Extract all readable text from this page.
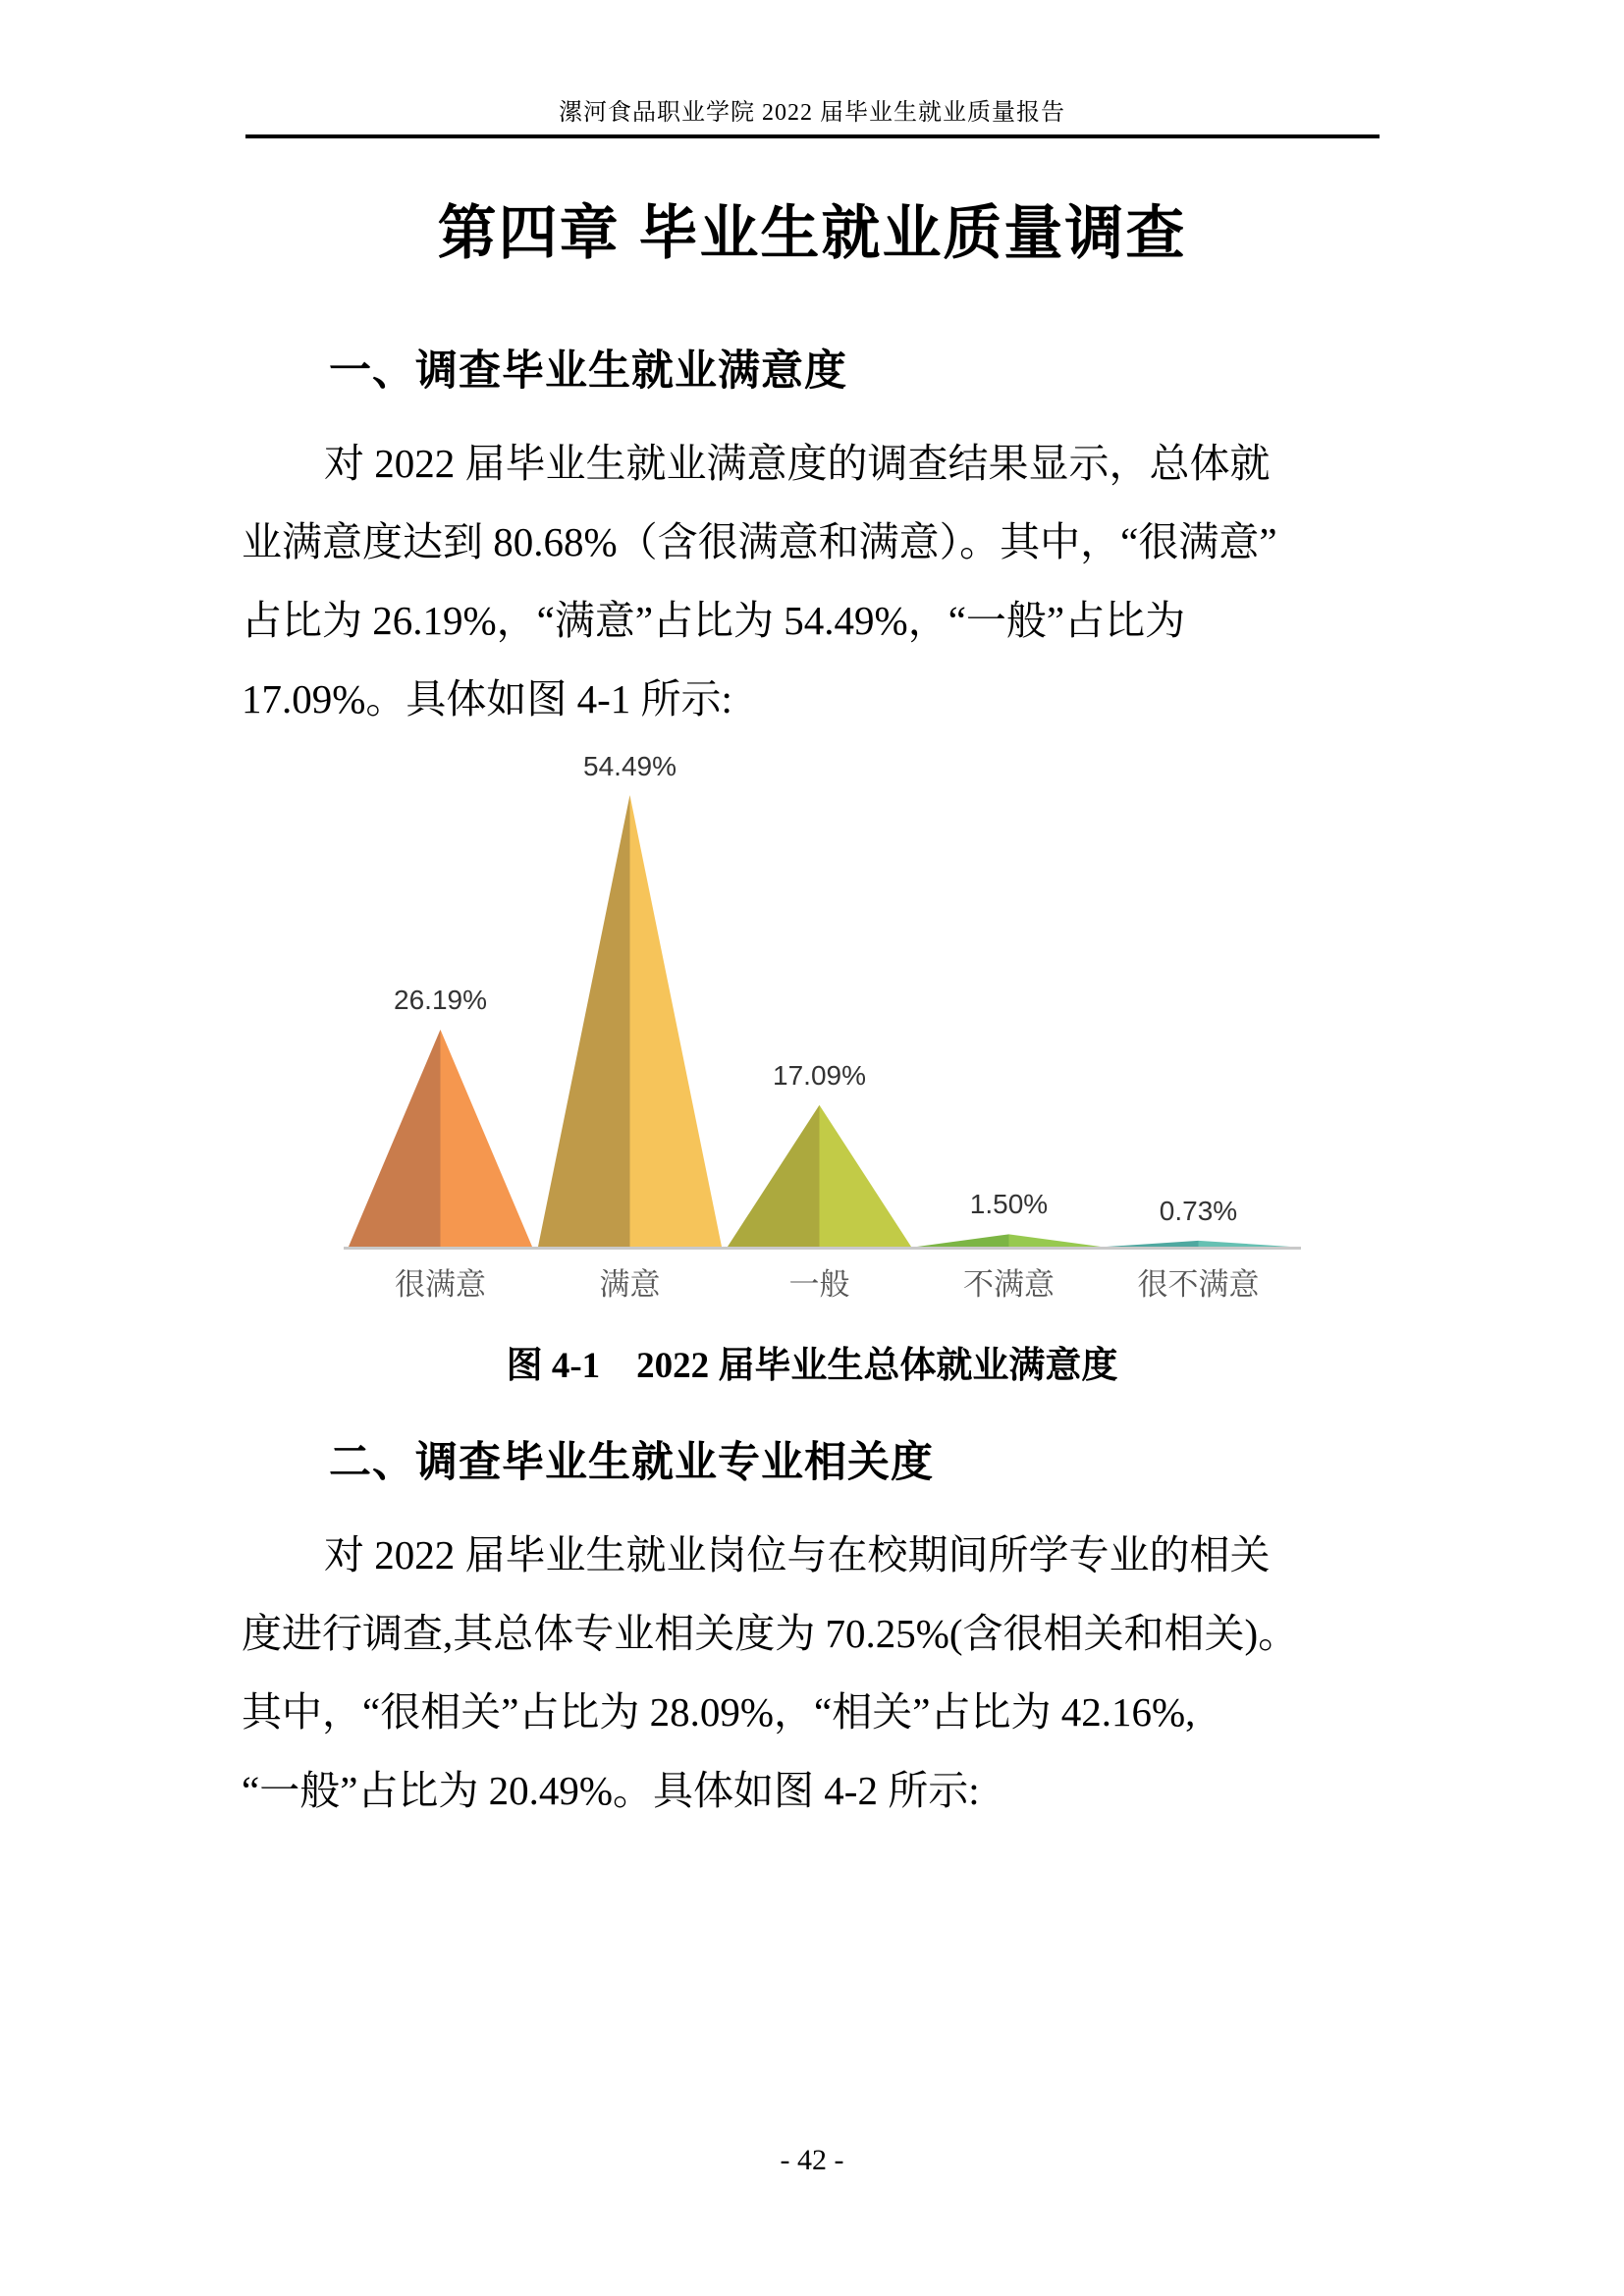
漯河食品职业学院 2022 届毕业生就业质量报告
第四章 毕业生就业质量调查
一、调查毕业生就业满意度
对 2022 届毕业生就业满意度的调查结果显示，总体就
业满意度达到 80.68%（含很满意和满意）。其中，“很满意”
占比为 26.19%，“满意”占比为 54.49%，“一般”占比为
17.09%。具体如图 4-1 所示:
26.19%
很满意
54.49%
满意
17.09%
一般
1.50%
不满意
0.73%
很不满意
图 4-1　2022 届毕业生总体就业满意度
二、调查毕业生就业专业相关度
对 2022 届毕业生就业岗位与在校期间所学专业的相关
度进行调查,其总体专业相关度为 70.25%(含很相关和相关)。
其中，“很相关”占比为 28.09%，“相关”占比为 42.16%,
“一般”占比为 20.49%。具体如图 4-2 所示:
- 42 -
